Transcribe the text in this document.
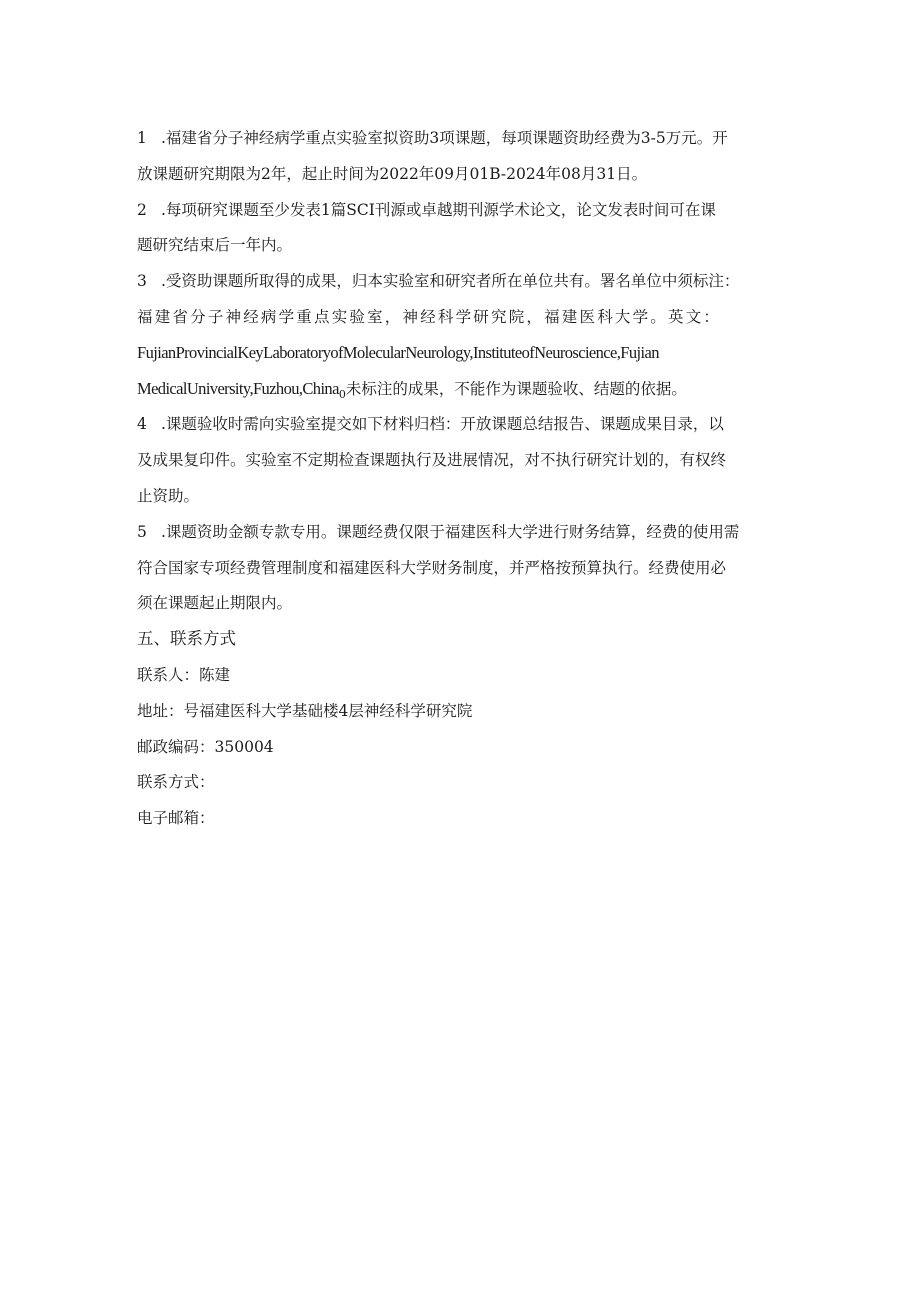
1 .福建省分子神经病学重点实验室拟资助3项课题，每项课题资助经费为3-5万元。开
放课题研究期限为2年，起止时间为2022年09月01B-2024年08月31日。
2 .每项研究课题至少发表1篇SCI刊源或卓越期刊源学术论文，论文发表时间可在课
题研究结束后一年内。
3 .受资助课题所取得的成果，归本实验室和研究者所在单位共有。署名单位中须标注：
福建省分子神经病学重点实验室，神经科学研究院，福建医科大学。英文：
FujianProvincialKeyLaboratoryofMolecularNeurology,InstituteofNeuroscience,Fujian
MedicalUniversity,Fuzhou,China$_0$未标注的成果，不能作为课题验收、结题的依据。
4 .课题验收时需向实验室提交如下材料归档：开放课题总结报告、课题成果目录，以
及成果复印件。实验室不定期检查课题执行及进展情况，对不执行研究计划的，有权终
止资助。
5 .课题资助金额专款专用。课题经费仅限于福建医科大学进行财务结算，经费的使用需
符合国家专项经费管理制度和福建医科大学财务制度，并严格按预算执行。经费使用必
须在课题起止期限内。
五、联系方式
联系人：陈建
地址：号福建医科大学基础楼4层神经科学研究院
邮政编码：350004
联系方式：
电子邮箱：
